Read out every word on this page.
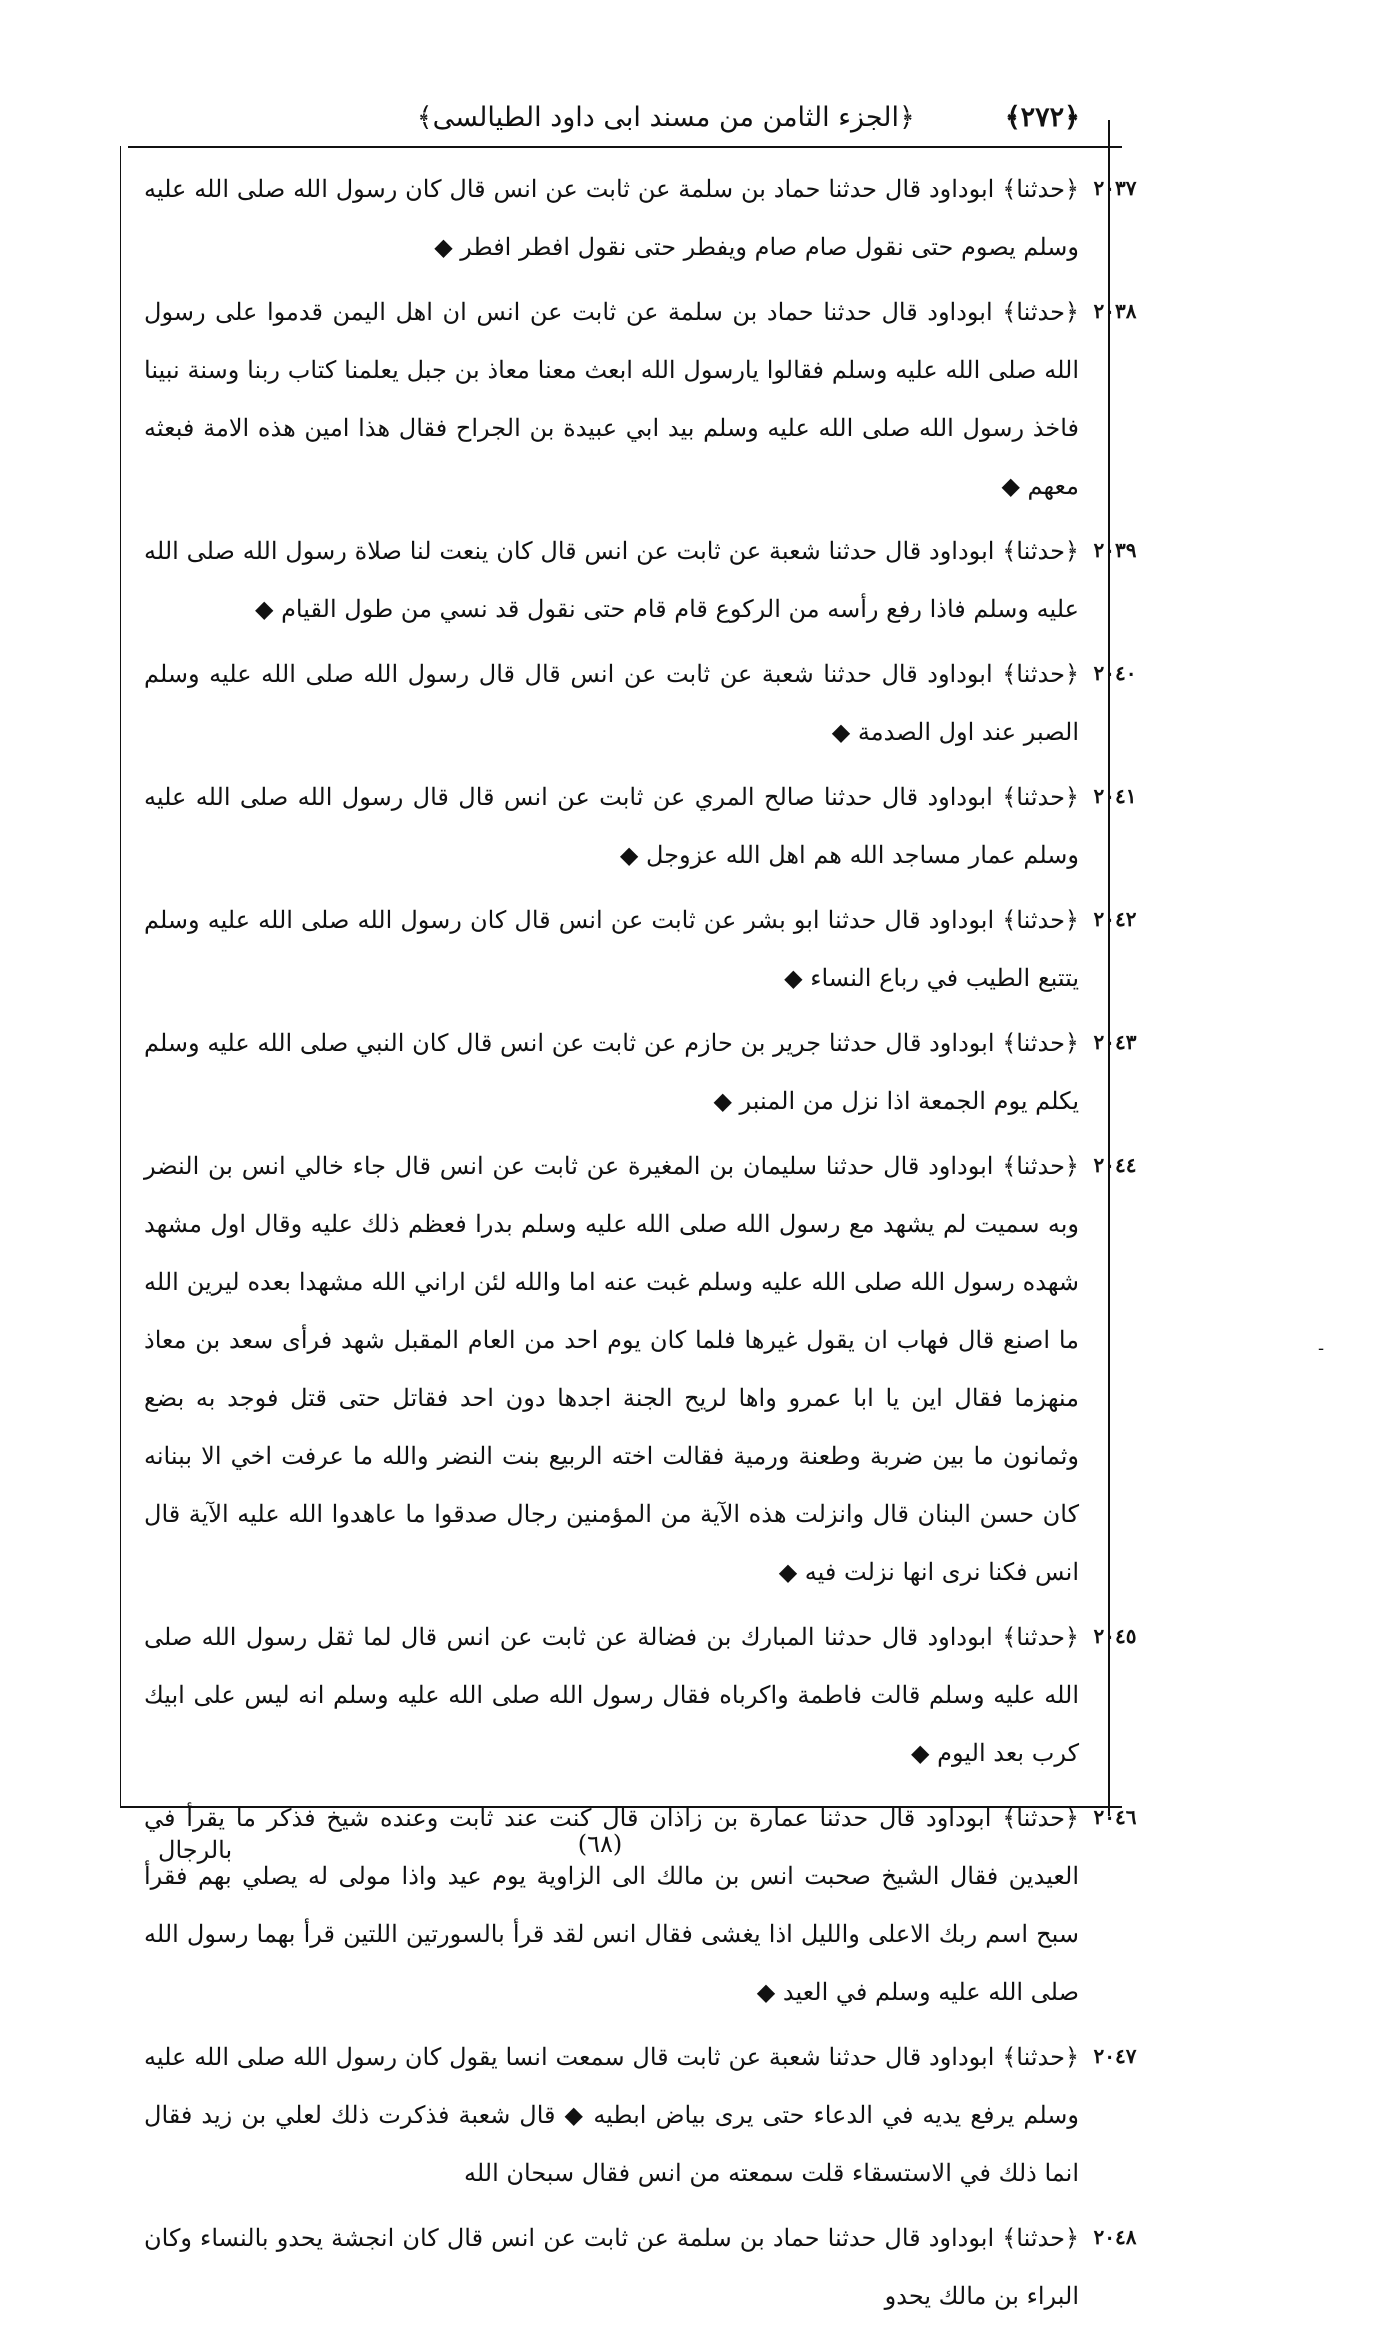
﴿٢٧٢﴾
﴿الجزء الثامن من مسند ابى داود الطيالسى﴾
٢٠٣٧
﴿حدثنا﴾ ابوداود قال حدثنا حماد بن سلمة عن ثابت عن انس قال كان رسول الله صلى الله عليه وسلم يصوم حتى نقول صام صام ويفطر حتى نقول افطر افطر ◆
٢٠٣٨
﴿حدثنا﴾ ابوداود قال حدثنا حماد بن سلمة عن ثابت عن انس ان اهل اليمن قدموا على رسول الله صلى الله عليه وسلم فقالوا يارسول الله ابعث معنا معاذ بن جبل يعلمنا كتاب ربنا وسنة نبينا فاخذ رسول الله صلى الله عليه وسلم بيد ابي عبيدة بن الجراح فقال هذا امين هذه الامة فبعثه معهم ◆
٢٠٣٩
﴿حدثنا﴾ ابوداود قال حدثنا شعبة عن ثابت عن انس قال كان ينعت لنا صلاة رسول الله صلى الله عليه وسلم فاذا رفع رأسه من الركوع قام قام حتى نقول قد نسي من طول القيام ◆
٢٠٤٠
﴿حدثنا﴾ ابوداود قال حدثنا شعبة عن ثابت عن انس قال قال رسول الله صلى الله عليه وسلم الصبر عند اول الصدمة ◆
٢٠٤١
﴿حدثنا﴾ ابوداود قال حدثنا صالح المري عن ثابت عن انس قال قال رسول الله صلى الله عليه وسلم عمار مساجد الله هم اهل الله عزوجل ◆
٢٠٤٢
﴿حدثنا﴾ ابوداود قال حدثنا ابو بشر عن ثابت عن انس قال كان رسول الله صلى الله عليه وسلم يتتبع الطيب في رباع النساء ◆
٢٠٤٣
﴿حدثنا﴾ ابوداود قال حدثنا جرير بن حازم عن ثابت عن انس قال كان النبي صلى الله عليه وسلم يكلم يوم الجمعة اذا نزل من المنبر ◆
٢٠٤٤
﴿حدثنا﴾ ابوداود قال حدثنا سليمان بن المغيرة عن ثابت عن انس قال جاء خالي انس بن النضر وبه سميت لم يشهد مع رسول الله صلى الله عليه وسلم بدرا فعظم ذلك عليه وقال اول مشهد شهده رسول الله صلى الله عليه وسلم غبت عنه اما والله لئن اراني الله مشهدا بعده ليرين الله ما اصنع قال فهاب ان يقول غيرها فلما كان يوم احد من العام المقبل شهد فرأى سعد بن معاذ منهزما فقال اين يا ابا عمرو واها لريح الجنة اجدها دون احد فقاتل حتى قتل فوجد به بضع وثمانون ما بين ضربة وطعنة ورمية فقالت اخته الربيع بنت النضر والله ما عرفت اخي الا ببنانه كان حسن البنان قال وانزلت هذه الآية من المؤمنين رجال صدقوا ما عاهدوا الله عليه الآية قال انس فكنا نرى انها نزلت فيه ◆
٢٠٤٥
﴿حدثنا﴾ ابوداود قال حدثنا المبارك بن فضالة عن ثابت عن انس قال لما ثقل رسول الله صلى الله عليه وسلم قالت فاطمة واكرباه فقال رسول الله صلى الله عليه وسلم انه ليس على ابيك كرب بعد اليوم ◆
٢٠٤٦
﴿حدثنا﴾ ابوداود قال حدثنا عمارة بن زاذان قال كنت عند ثابت وعنده شيخ فذكر ما يقرأ في العيدين فقال الشيخ صحبت انس بن مالك الى الزاوية يوم عيد واذا مولى له يصلي بهم فقرأ سبح اسم ربك الاعلى والليل اذا يغشى فقال انس لقد قرأ بالسورتين اللتين قرأ بهما رسول الله صلى الله عليه وسلم في العيد ◆
٢٠٤٧
﴿حدثنا﴾ ابوداود قال حدثنا شعبة عن ثابت قال سمعت انسا يقول كان رسول الله صلى الله عليه وسلم يرفع يديه في الدعاء حتى يرى بياض ابطيه ◆ قال شعبة فذكرت ذلك لعلي بن زيد فقال انما ذلك في الاستسقاء قلت سمعته من انس فقال سبحان الله
٢٠٤٨
﴿حدثنا﴾ ابوداود قال حدثنا حماد بن سلمة عن ثابت عن انس قال كان انجشة يحدو بالنساء وكان البراء بن مالك يحدو
بالرجال	(٦٨)
-
